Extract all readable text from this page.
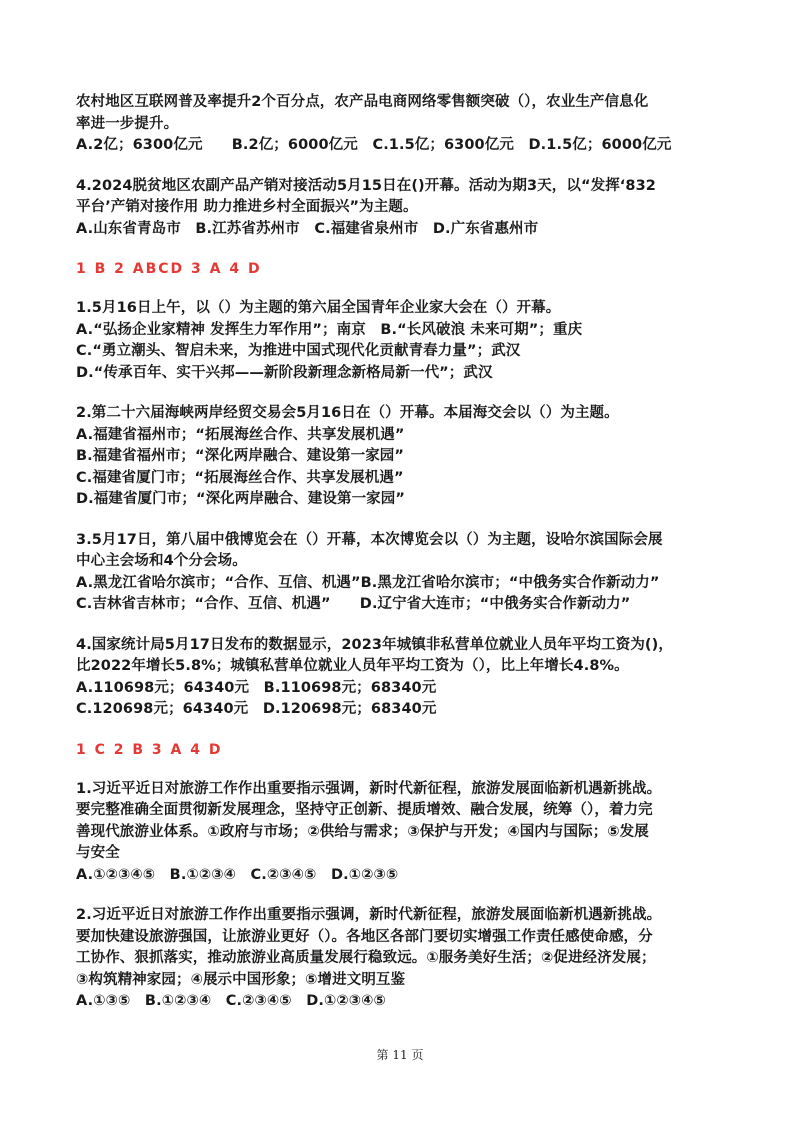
农村地区互联网普及率提升2个百分点，农产品电商网络零售额突破（），农业生产信息化
率进一步提升。
A.2亿；6300亿元　　B.2亿；6000亿元　C.1.5亿；6300亿元　D.1.5亿；6000亿元
4.2024脱贫地区农副产品产销对接活动5月15日在()开幕。活动为期3天，以“发挥‘832
平台’产销对接作用 助力推进乡村全面振兴”为主题。
A.山东省青岛市　B.江苏省苏州市　C.福建省泉州市　D.广东省惠州市
1 B 2 ABCD 3 A 4 D
1.5月16日上午，以（）为主题的第六届全国青年企业家大会在（）开幕。
A.“弘扬企业家精神 发挥生力军作用”；南京　B.“长风破浪 未来可期”；重庆
C.“勇立潮头、智启未来，为推进中国式现代化贡献青春力量”；武汉
D.“传承百年、实干兴邦——新阶段新理念新格局新一代”；武汉
2.第二十六届海峡两岸经贸交易会5月16日在（）开幕。本届海交会以（）为主题。
A.福建省福州市；“拓展海丝合作、共享发展机遇”
B.福建省福州市；“深化两岸融合、建设第一家园”
C.福建省厦门市；“拓展海丝合作、共享发展机遇”
D.福建省厦门市；“深化两岸融合、建设第一家园”
3.5月17日，第八届中俄博览会在（）开幕，本次博览会以（）为主题，设哈尔滨国际会展
中心主会场和4个分会场。
A.黑龙江省哈尔滨市；“合作、互信、机遇”B.黑龙江省哈尔滨市；“中俄务实合作新动力”
C.吉林省吉林市；“合作、互信、机遇”　　D.辽宁省大连市；“中俄务实合作新动力”
4.国家统计局5月17日发布的数据显示，2023年城镇非私营单位就业人员年平均工资为()，
比2022年增长5.8%；城镇私营单位就业人员年平均工资为（），比上年增长4.8%。
A.110698元；64340元　B.110698元；68340元
C.120698元；64340元　D.120698元；68340元
1 C 2 B 3 A 4 D
1.习近平近日对旅游工作作出重要指示强调，新时代新征程，旅游发展面临新机遇新挑战。
要完整准确全面贯彻新发展理念，坚持守正创新、提质增效、融合发展，统筹（），着力完
善现代旅游业体系。①政府与市场；②供给与需求；③保护与开发；④国内与国际；⑤发展
与安全
A.①②③④⑤　B.①②③④　C.②③④⑤　D.①②③⑤
2.习近平近日对旅游工作作出重要指示强调，新时代新征程，旅游发展面临新机遇新挑战。
要加快建设旅游强国，让旅游业更好（）。各地区各部门要切实增强工作责任感使命感，分
工协作、狠抓落实，推动旅游业高质量发展行稳致远。①服务美好生活；②促进经济发展；
③构筑精神家园；④展示中国形象；⑤增进文明互鉴
A.①③⑤　B.①②③④　C.②③④⑤　D.①②③④⑤
第 11 页
